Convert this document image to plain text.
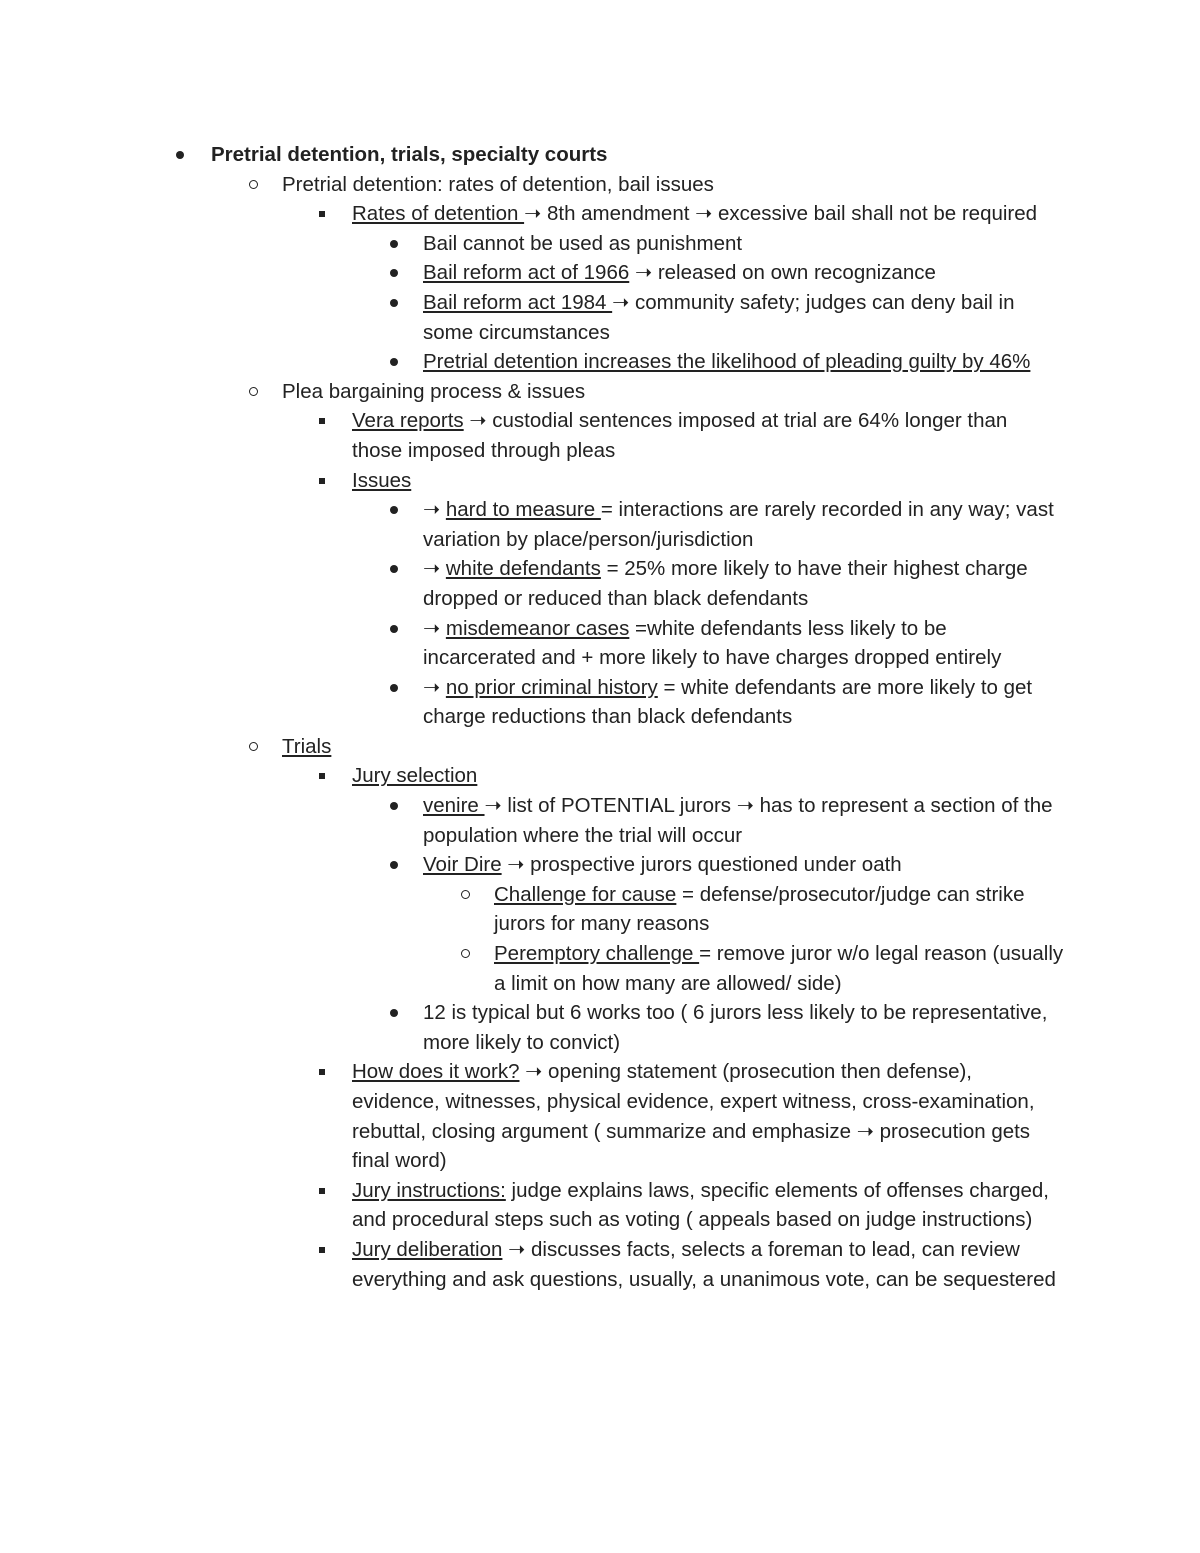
Pretrial detention, trials, specialty courts
Pretrial detention: rates of detention, bail issues
Rates of detention ➝ 8th amendment ➝ excessive bail shall not be required
Bail cannot be used as punishment
Bail reform act of 1966 ➝ released on own recognizance
Bail reform act 1984 ➝ community safety; judges can deny bail in some circumstances
Pretrial detention increases the likelihood of pleading guilty by 46%
Plea bargaining process & issues
Vera reports ➝ custodial sentences imposed at trial are 64% longer than those imposed through pleas
Issues
➝ hard to measure = interactions are rarely recorded in any way; vast variation by place/person/jurisdiction
➝ white defendants = 25% more likely to have their highest charge dropped or reduced than black defendants
➝ misdemeanor cases =white defendants less likely to be incarcerated and + more likely to have charges dropped entirely
➝ no prior criminal history = white defendants are more likely to get charge reductions than black defendants
Trials
Jury selection
venire ➝ list of POTENTIAL jurors ➝ has to represent a section of the population where the trial will occur
Voir Dire ➝ prospective jurors questioned under oath
Challenge for cause = defense/prosecutor/judge can strike jurors for many reasons
Peremptory challenge = remove juror w/o legal reason (usually a limit on how many are allowed/ side)
12 is typical but 6 works too ( 6 jurors less likely to be representative, more likely to convict)
How does it work? ➝ opening statement (prosecution then defense), evidence, witnesses, physical evidence, expert witness, cross-examination, rebuttal, closing argument ( summarize and emphasize ➝ prosecution gets final word)
Jury instructions: judge explains laws, specific elements of offenses charged, and procedural steps such as voting ( appeals based on judge instructions)
Jury deliberation ➝ discusses facts, selects a foreman to lead, can review everything and ask questions, usually, a unanimous vote, can be sequestered
